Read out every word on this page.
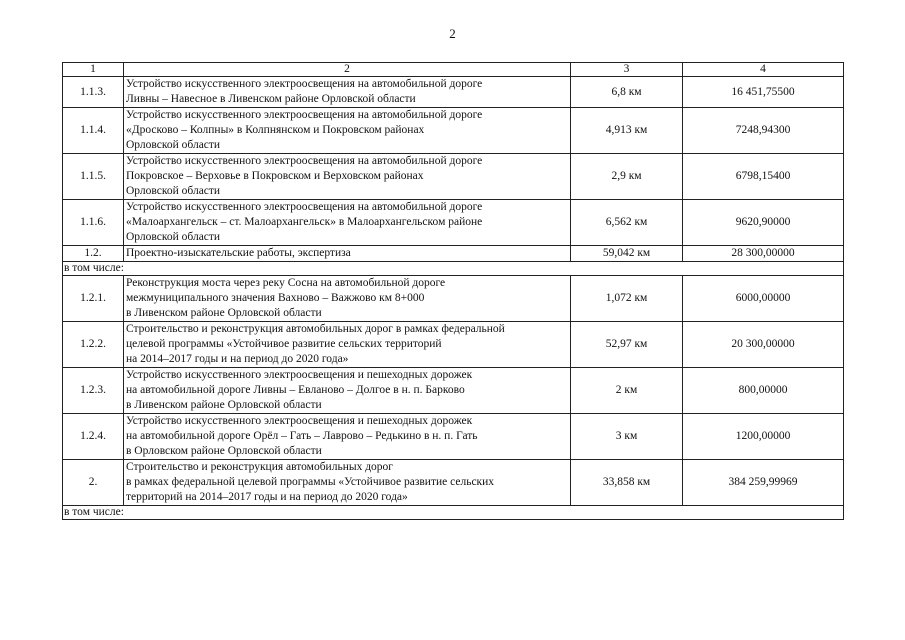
2
1	2	3	4
1.1.3.	Устройство искусственного электроосвещения на автомобильной дороге
Ливны – Навесное в Ливенском районе Орловской области	6,8 км	16 451,75500
1.1.4.	Устройство искусственного электроосвещения на автомобильной дороге
«Дросково – Колпны» в Колпнянском и Покровском районах
Орловской области	4,913 км	7248,94300
1.1.5.	Устройство искусственного электроосвещения на автомобильной дороге
Покровское – Верховье в Покровском и Верховском районах
Орловской области	2,9 км	6798,15400
1.1.6.	Устройство искусственного электроосвещения на автомобильной дороге
«Малоархангельск – ст. Малоархангельск» в Малоархангельском районе
Орловской области	6,562 км	9620,90000
1.2.	Проектно-изыскательские работы, экспертиза	59,042 км	28 300,00000
в том числе:			
1.2.1.	Реконструкция моста через реку Сосна на автомобильной дороге
межмуниципального значения Вахново – Важжово км 8+000
в Ливенском районе Орловской области	1,072 км	6000,00000
1.2.2.	Строительство и реконструкция автомобильных дорог в рамках федеральной
целевой программы «Устойчивое развитие сельских территорий
на 2014–2017 годы и на период до 2020 года»	52,97 км	20 300,00000
1.2.3.	Устройство искусственного электроосвещения и пешеходных дорожек
на автомобильной дороге Ливны – Евланово – Долгое в н. п. Барково
в Ливенском районе Орловской области	2 км	800,00000
1.2.4.	Устройство искусственного электроосвещения и пешеходных дорожек
на автомобильной дороге Орёл – Гать – Лаврово – Редькино в н. п. Гать
в Орловском районе Орловской области	3 км	1200,00000
2.	Строительство и реконструкция автомобильных дорог
в рамках федеральной целевой программы «Устойчивое развитие сельских
территорий на 2014–2017 годы и на период до 2020 года»	33,858 км	384 259,99969
в том числе:			
